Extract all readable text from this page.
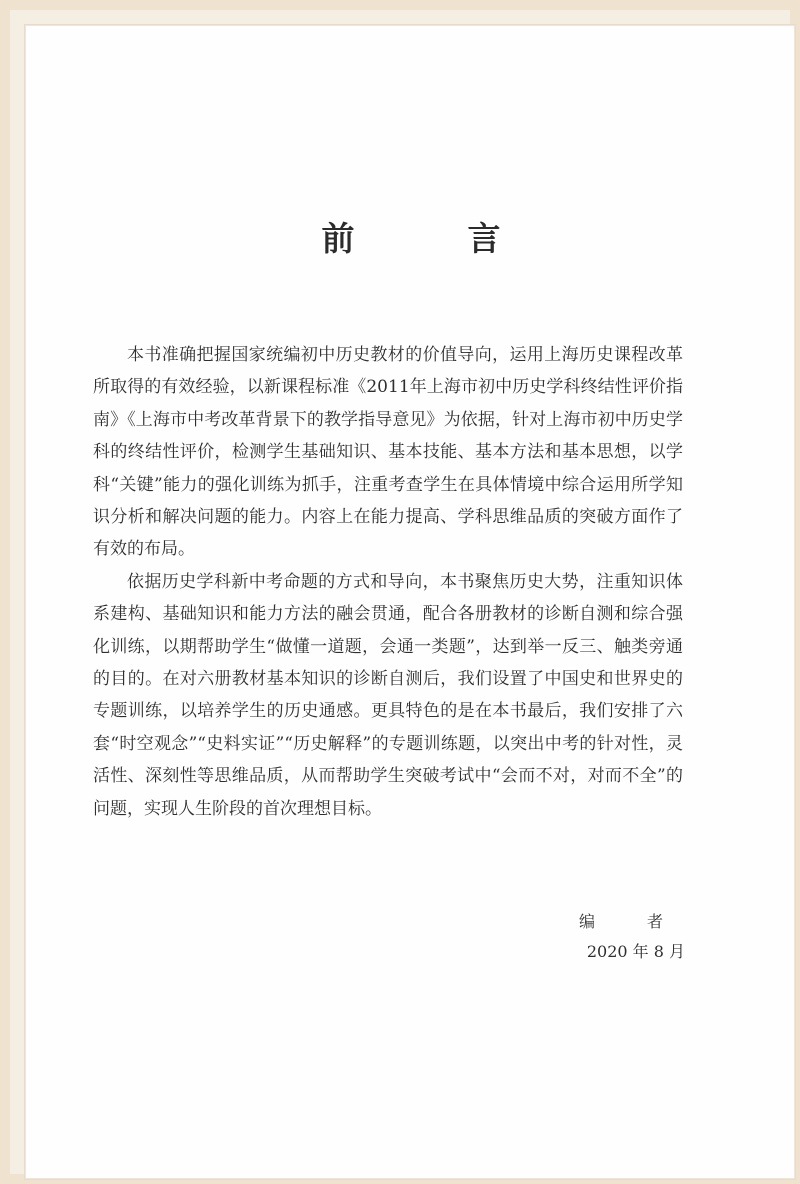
前　言

本书准确把握国家统编初中历史教材的价值导向，运用上海历史课程改革所取得的有效经验，以新课程标准《2011年上海市初中历史学科终结性评价指南》《上海市中考改革背景下的教学指导意见》为依据，针对上海市初中历史学科的终结性评价，检测学生基础知识、基本技能、基本方法和基本思想，以学科“关键”能力的强化训练为抓手，注重考查学生在具体情境中综合运用所学知识分析和解决问题的能力。内容上在能力提高、学科思维品质的突破方面作了有效的布局。

依据历史学科新中考命题的方式和导向，本书聚焦历史大势，注重知识体系建构、基础知识和能力方法的融会贯通，配合各册教材的诊断自测和综合强化训练，以期帮助学生“做懂一道题，会通一类题”，达到举一反三、触类旁通的目的。在对六册教材基本知识的诊断自测后，我们设置了中国史和世界史的专题训练，以培养学生的历史通感。更具特色的是在本书最后，我们安排了六套“时空观念”“史料实证”“历史解释”的专题训练题，以突出中考的针对性，灵活性、深刻性等思维品质，从而帮助学生突破考试中“会而不对，对而不全”的问题，实现人生阶段的首次理想目标。

编　者
2020 年 8 月
